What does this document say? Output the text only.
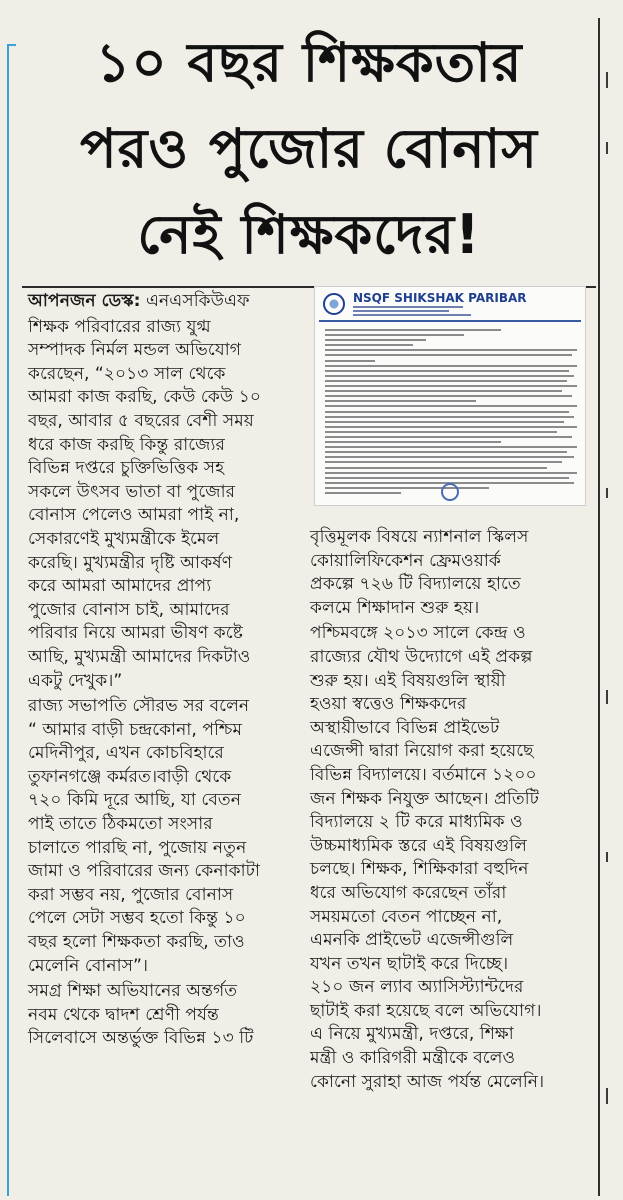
১০ বছর শিক্ষকতার
পরও পুজোর বোনাস
নেই শিক্ষকদের!
NSQF SHIKSHAK PARIBAR

আপনজন ডেস্ক: এনএসকিউএফ

শিক্ষক পরিবারের রাজ্য যুগ্ম

সম্পাদক নির্মল মন্ডল অভিযোগ

করেছেন, “২০১৩ সাল থেকে

আমরা কাজ করছি, কেউ কেউ ১০

বছর, আবার ৫ বছরের বেশী সময়

ধরে কাজ করছি কিন্তু রাজ্যের

বিভিন্ন দপ্তরে চুক্তিভিত্তিক সহ

সকলে উৎসব ভাতা বা পুজোর

বোনাস পেলেও আমরা পাই না,

সেকারণেই মুখ্যমন্ত্রীকে ইমেল

করেছি। মুখ্যমন্ত্রীর দৃষ্টি আকর্ষণ

করে আমরা আমাদের প্রাপ্য

পুজোর বোনাস চাই, আমাদের

পরিবার নিয়ে আমরা ভীষণ কষ্টে

আছি, মুখ্যমন্ত্রী আমাদের দিকটাও

একটু দেখুক।”

রাজ্য সভাপতি সৌরভ সর বলেন

“ আমার বাড়ী চন্দ্রকোনা, পশ্চিম

মেদিনীপুর, এখন কোচবিহারে

তুফানগঞ্জে কর্মরত।বাড়ী থেকে

৭২০ কিমি দূরে আছি, যা বেতন

পাই তাতে ঠিকমতো সংসার

চালাতে পারছি না, পুজোয় নতুন

জামা ও পরিবারের জন্য কেনাকাটা

করা সম্ভব নয়, পুজোর বোনাস

পেলে সেটা সম্ভব হতো কিন্তু ১০

বছর হলো শিক্ষকতা করছি, তাও

মেলেনি বোনাস”।

সমগ্র শিক্ষা অভিযানের অন্তর্গত

নবম থেকে দ্বাদশ শ্রেণী পর্যন্ত

সিলেবাসে অন্তর্ভুক্ত বিভিন্ন ১৩ টি

বৃত্তিমূলক বিষয়ে ন্যাশনাল স্কিলস

কোয়ালিফিকেশন ফ্রেমওয়ার্ক

প্রকল্পে ৭২৬ টি বিদ্যালয়ে হাতে

কলমে শিক্ষাদান শুরু হয়।

পশ্চিমবঙ্গে ২০১৩ সালে কেন্দ্র ও

রাজ্যের যৌথ উদ্যোগে এই প্রকল্প

শুরু হয়। এই বিষয়গুলি স্থায়ী

হওয়া স্বত্তেও শিক্ষকদের

অস্থায়ীভাবে বিভিন্ন প্রাইভেট

এজেন্সী দ্বারা নিয়োগ করা হয়েছে

বিভিন্ন বিদ্যালয়ে। বর্তমানে ১২০০

জন শিক্ষক নিযুক্ত আছেন। প্রতিটি

বিদ্যালয়ে ২ টি করে মাধ্যমিক ও

উচ্চমাধ্যমিক স্তরে এই বিষয়গুলি

চলছে। শিক্ষক, শিক্ষিকারা বহুদিন

ধরে অভিযোগ করেছেন তাঁরা

সময়মতো বেতন পাচ্ছেন না,

এমনকি প্রাইভেট এজেন্সীগুলি

যখন তখন ছাটাই করে দিচ্ছে।

২১০ জন ল্যাব অ্যাসিস্ট্যান্টদের

ছাটাই করা হয়েছে বলে অভিযোগ।

এ নিয়ে মুখ্যমন্ত্রী, দপ্তরে, শিক্ষা

মন্ত্রী ও কারিগরী মন্ত্রীকে বলেও

কোনো সুরাহা আজ পর্যন্ত মেলেনি।
